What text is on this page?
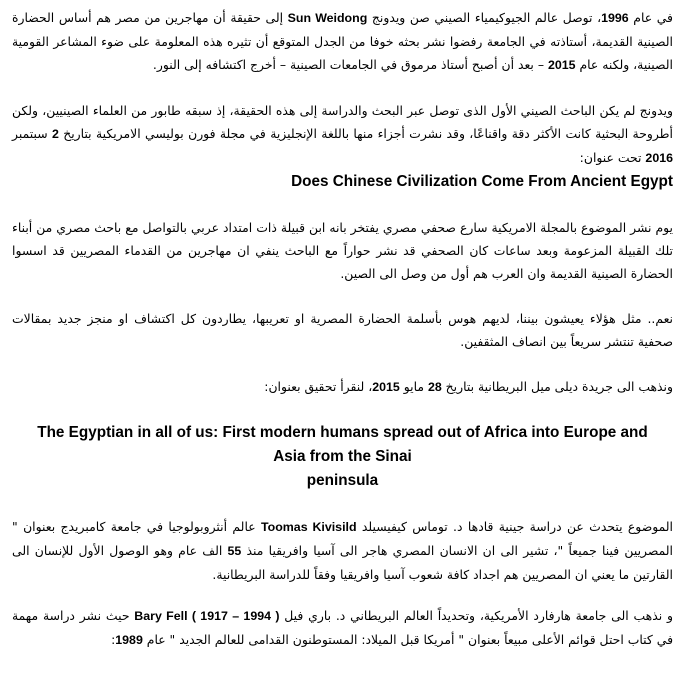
في عام 1996، توصل عالم الجيوكيمياء الصيني صن ويدونج Sun Weidong إلى حقيقة أن مهاجرين من مصر هم أساس الحضارة الصينية القديمة، أستاذته في الجامعة رفضوا نشر بحثه خوفا من الجدل المتوقع أن تثيره هذه المعلومة على ضوء المشاعر القومية الصينية، ولكنه عام 2015 – بعد أن أصبح أستاذ مرموق في الجامعات الصينية – أخرج اكتشافه إلى النور.

ويدونج لم يكن الباحث الصيني الأول الذى توصل عبر البحث والدراسة إلى هذه الحقيقة، إذ سبقه طابور من العلماء الصينيين، ولكن أطروحة البحثية كانت الأكثر دقة واقناعًا، وقد نشرت أجزاء منها باللغة الإنجليزية في مجلة فورن بوليسي الامريكية بتاريخ 2 سبتمبر 2016 تحت عنوان:

Does Chinese Civilization Come From Ancient Egypt

يوم نشر الموضوع بالمجلة الامريكية سارع صحفي مصري يفتخر بانه ابن قبيلة ذات امتداد عربي بالتواصل مع باحث مصري من أبناء تلك القبيلة المزعومة وبعد ساعات كان الصحفي قد نشر حواراً مع الباحث ينفي ان مهاجرين من القدماء المصريين قد اسسوا الحضارة الصينية القديمة وان العرب هم أول من وصل الى الصين.

نعم.. مثل هؤلاء يعيشون بيننا، لديهم هوس بأسلمة الحضارة المصرية او تعريبها، يطاردون كل اكتشاف او منجز جديد بمقالات صحفية تنتشر سريعاً بين انصاف المثقفين.

ونذهب الى جريدة ديلى ميل البريطانية بتاريخ 28 مايو 2015، لنقرأ تحقيق بعنوان:

The Egyptian in all of us: First modern humans spread out of Africa into Europe and

Asia from the Sinai

peninsula

الموضوع يتحدث عن دراسة جينية قادها د. توماس كيفيسيلد Toomas Kivisild عالم أنثروبولوجيا في جامعة كامبريدج بعنوان " المصريين فينا جميعاً "، تشير الى ان الانسان المصري هاجر الى آسيا وافريقيا منذ 55 الف عام وهو الوصول الأول للإنسان الى القارتين ما يعني ان المصريين هم اجداد كافة شعوب آسيا وافريقيا وفقاً للدراسة البريطانية.

و نذهب الى جامعة هارفارد الأمريكية، وتحديداً العالم البريطاني د. باري فيل ( 1994 – 1917 ) Bary Fell حيث نشر دراسة مهمة في كتاب احتل قوائم الأعلى مبيعاً بعنوان " أمريكا قبل الميلاد: المستوطنون القدامى للعالم الجديد " عام 1989:
